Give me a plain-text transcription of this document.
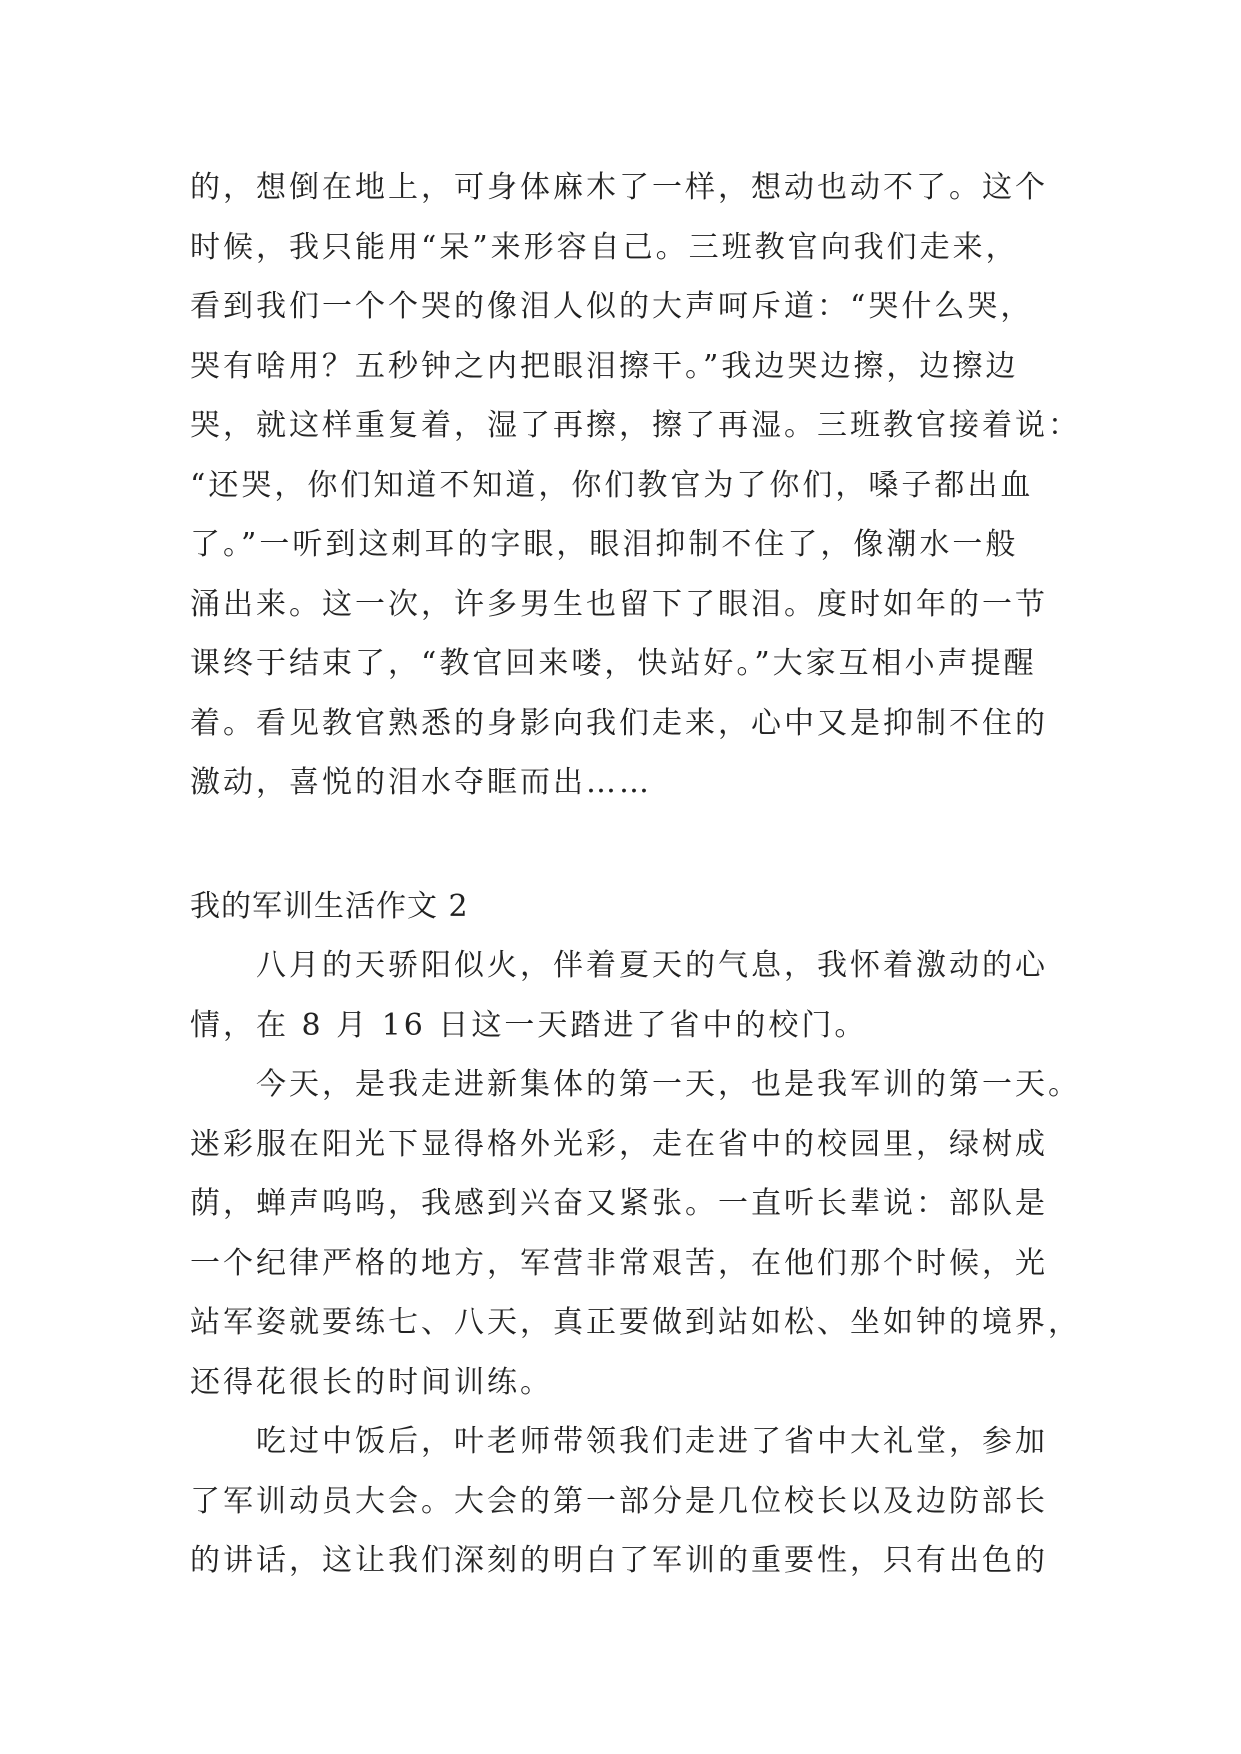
的，想倒在地上，可身体麻木了一样，想动也动不了。这个
时候，我只能用“呆”来形容自己。三班教官向我们走来，
看到我们一个个哭的像泪人似的大声呵斥道：“哭什么哭，
哭有啥用？五秒钟之内把眼泪擦干。”我边哭边擦，边擦边
哭，就这样重复着，湿了再擦，擦了再湿。三班教官接着说：
“还哭，你们知道不知道，你们教官为了你们，嗓子都出血
了。”一听到这刺耳的字眼，眼泪抑制不住了，像潮水一般
涌出来。这一次，许多男生也留下了眼泪。度时如年的一节
课终于结束了，“教官回来喽，快站好。”大家互相小声提醒
着。看见教官熟悉的身影向我们走来，心中又是抑制不住的
激动，喜悦的泪水夺眶而出……
我的军训生活作文 2
八月的天骄阳似火，伴着夏天的气息，我怀着激动的心
情，在 8 月 16 日这一天踏进了省中的校门。
今天，是我走进新集体的第一天，也是我军训的第一天。
迷彩服在阳光下显得格外光彩，走在省中的校园里，绿树成
荫，蝉声呜呜，我感到兴奋又紧张。一直听长辈说：部队是
一个纪律严格的地方，军营非常艰苦，在他们那个时候，光
站军姿就要练七、八天，真正要做到站如松、坐如钟的境界，
还得花很长的时间训练。
吃过中饭后，叶老师带领我们走进了省中大礼堂，参加
了军训动员大会。大会的第一部分是几位校长以及边防部长
的讲话，这让我们深刻的明白了军训的重要性，只有出色的
